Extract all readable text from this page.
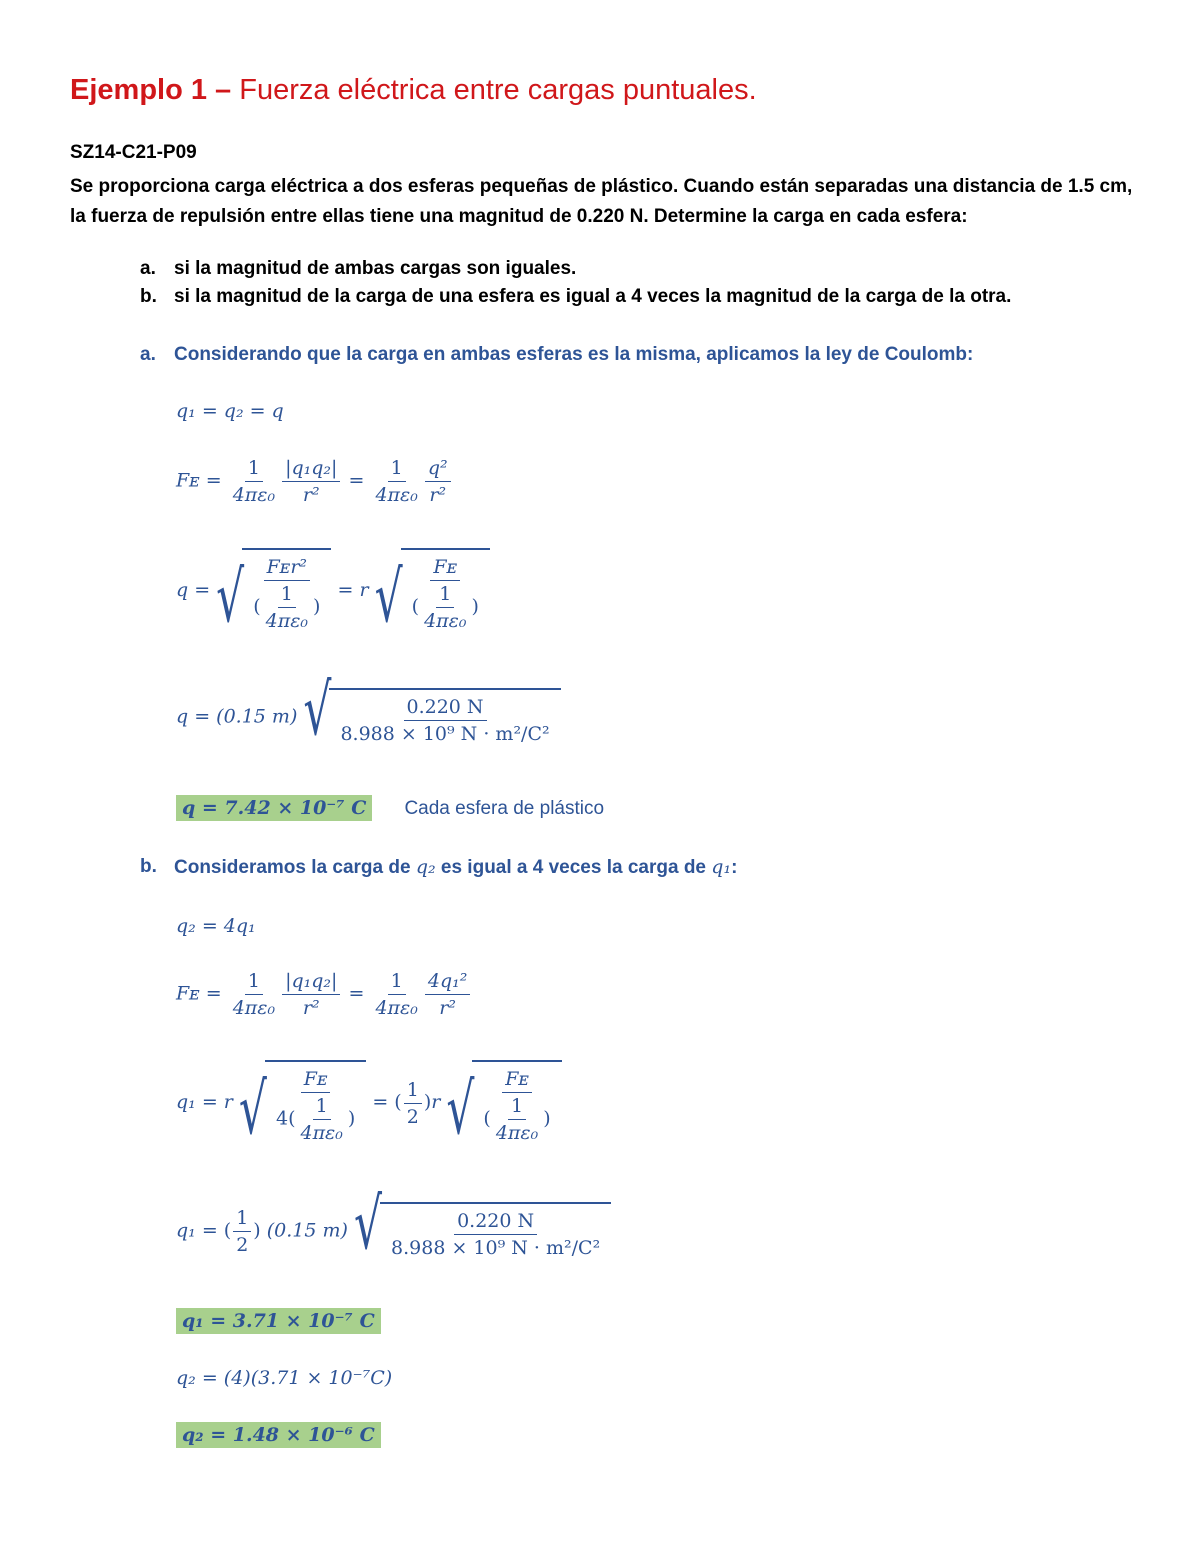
Ejemplo 1 – Fuerza eléctrica entre cargas puntuales.
SZ14-C21-P09
Se proporciona carga eléctrica a dos esferas pequeñas de plástico. Cuando están separadas una distancia de 1.5 cm, la fuerza de repulsión entre ellas tiene una magnitud de 0.220 N. Determine la carga en cada esfera:
a. si la magnitud de ambas cargas son iguales.
b. si la magnitud de la carga de una esfera es igual a 4 veces la magnitud de la carga de la otra.
a. Considerando que la carga en ambas esferas es la misma, aplicamos la ley de Coulomb:
q₁ = q₂ = q
Fᴇ = $\frac{1}{\text{4πε₀}} \frac{\text{|q₁q₂|}}{\text{r²}} = \frac{1}{\text{4πε₀}} \frac{\text{q²}}{\text{r²}}$
q = √ $\frac{\text{Fᴇr²}}{( \frac{1}{\text{4πε₀}} )} = r$ √ $\frac{\text{Fᴇ}}{( \frac{1}{\text{4πε₀}} )}$
q = (0.15 m) √ $\frac{0.220 N}{\text{8.988 × 10⁹ N · m²/C²}}$
q = 7.42 × 10⁻⁷ C Cada esfera de plástico
b. Consideramos la carga de q₂ es igual a 4 veces la carga de q₁:
q₂ = 4q₁
Fᴇ = $\frac{1}{\text{4πε₀}} \frac{\text{|q₁q₂|}}{\text{r²}} = \frac{1}{\text{4πε₀}} \frac{\text{4q₁²}}{\text{r²}}$
q₁ = r √ $\frac{\text{Fᴇ}}{4( \frac{1}{\text{4πε₀}} )}$ = ( $\frac{1}{2} )r$ √ $\frac{\text{Fᴇ}}{( \frac{1}{\text{4πε₀}} )}$
q₁ = ( $\frac{1}{2}$ ) (0.15 m) √ $\frac{0.220 N}{\text{8.988 × 10⁹ N · m²/C²}}$
q₁ = 3.71 × 10⁻⁷ C
q₂ = (4)(3.71 × 10⁻⁷C)
q₂ = 1.48 × 10⁻⁶ C
